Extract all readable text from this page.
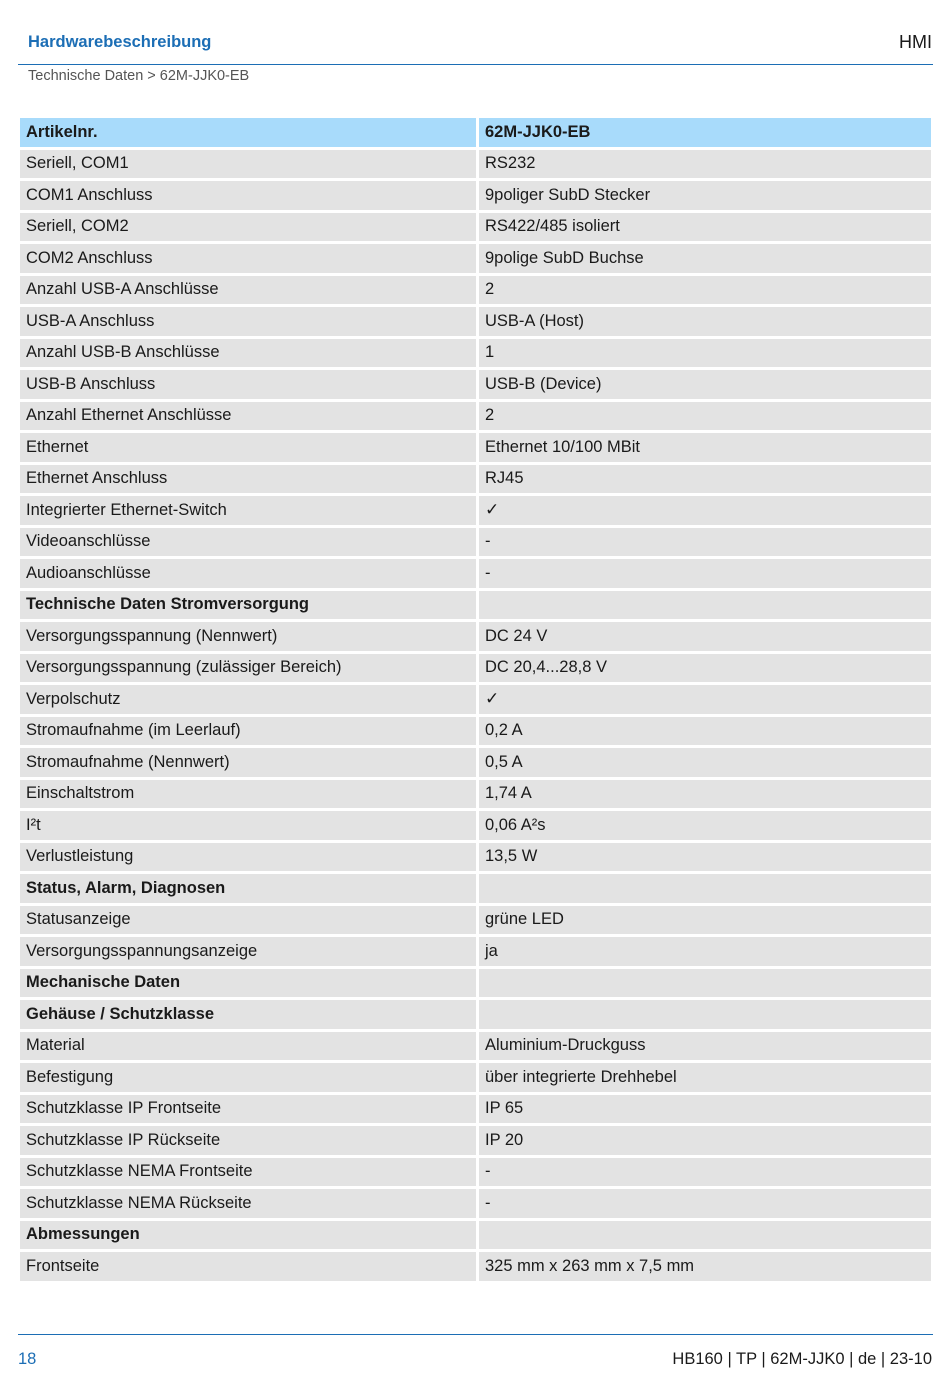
Hardwarebeschreibung	HMI
Technische Daten > 62M-JJK0-EB
Artikelnr.	62M-JJK0-EB
Seriell, COM1	RS232
COM1 Anschluss	9poliger SubD Stecker
Seriell, COM2	RS422/485 isoliert
COM2 Anschluss	9polige SubD Buchse
Anzahl USB-A Anschlüsse	2
USB-A Anschluss	USB-A (Host)
Anzahl USB-B Anschlüsse	1
USB-B Anschluss	USB-B (Device)
Anzahl Ethernet Anschlüsse	2
Ethernet	Ethernet 10/100 MBit
Ethernet Anschluss	RJ45
Integrierter Ethernet-Switch	✓
Videoanschlüsse	-
Audioanschlüsse	-
Technische Daten Stromversorgung	
Versorgungsspannung (Nennwert)	DC 24 V
Versorgungsspannung (zulässiger Bereich)	DC 20,4...28,8 V
Verpolschutz	✓
Stromaufnahme (im Leerlauf)	0,2 A
Stromaufnahme (Nennwert)	0,5 A
Einschaltstrom	1,74 A
I²t	0,06 A²s
Verlustleistung	13,5 W
Status, Alarm, Diagnosen	
Statusanzeige	grüne LED
Versorgungsspannungsanzeige	ja
Mechanische Daten	
Gehäuse / Schutzklasse	
Material	Aluminium-Druckguss
Befestigung	über integrierte Drehhebel
Schutzklasse IP Frontseite	IP 65
Schutzklasse IP Rückseite	IP 20
Schutzklasse NEMA Frontseite	-
Schutzklasse NEMA Rückseite	-
Abmessungen	
Frontseite	325 mm x 263 mm x 7,5 mm
18	HB160 | TP | 62M-JJK0 | de | 23-10
